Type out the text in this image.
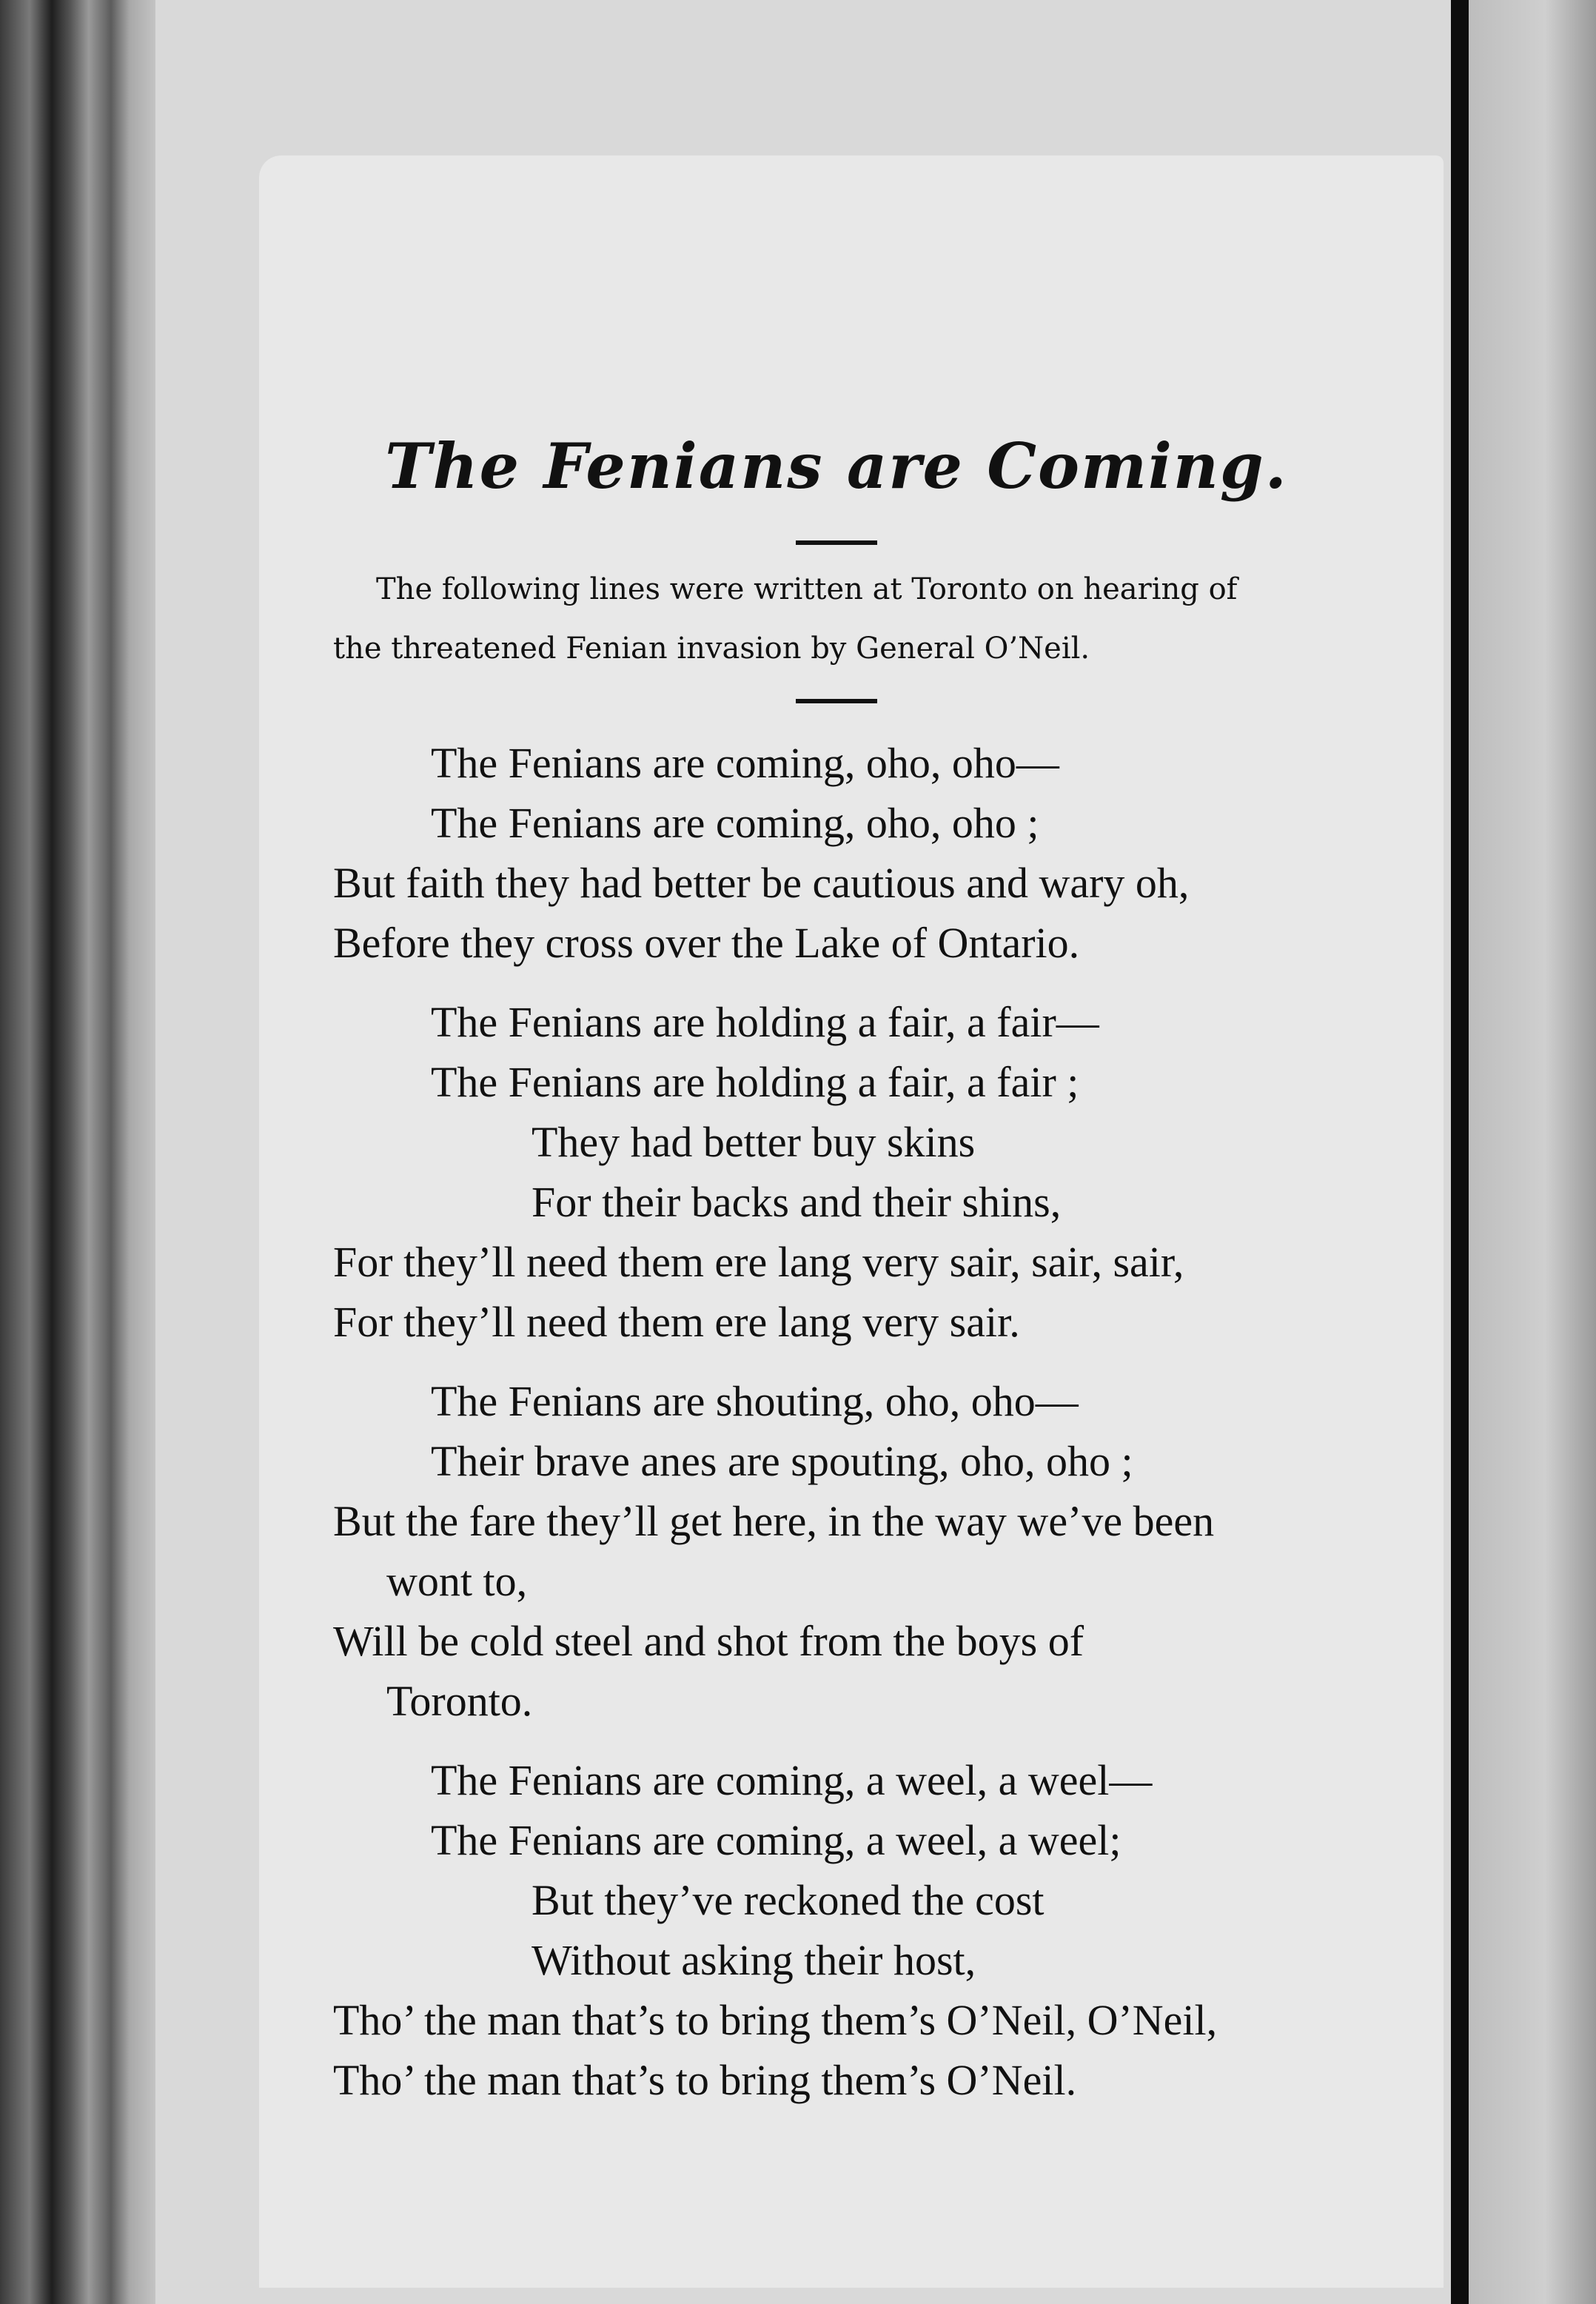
The Fenians are Coming.
The following lines were written at Toronto on hearing of
the threatened Fenian invasion by General O’Neil.
The Fenians are coming, oho, oho—
The Fenians are coming, oho, oho ;
But faith they had better be cautious and wary oh,
Before they cross over the Lake of Ontario.
The Fenians are holding a fair, a fair—
The Fenians are holding a fair, a fair ;
They had better buy skins
For their backs and their shins,
For they’ll need them ere lang very sair, sair, sair,
For they’ll need them ere lang very sair.
The Fenians are shouting, oho, oho—
Their brave anes are spouting, oho, oho ;
But the fare they’ll get here, in the way we’ve been
wont to,
Will be cold steel and shot from the boys of
Toronto.
The Fenians are coming, a weel, a weel—
The Fenians are coming, a weel, a weel;
But they’ve reckoned the cost
Without asking their host,
Tho’ the man that’s to bring them’s O’Neil, O’Neil,
Tho’ the man that’s to bring them’s O’Neil.
